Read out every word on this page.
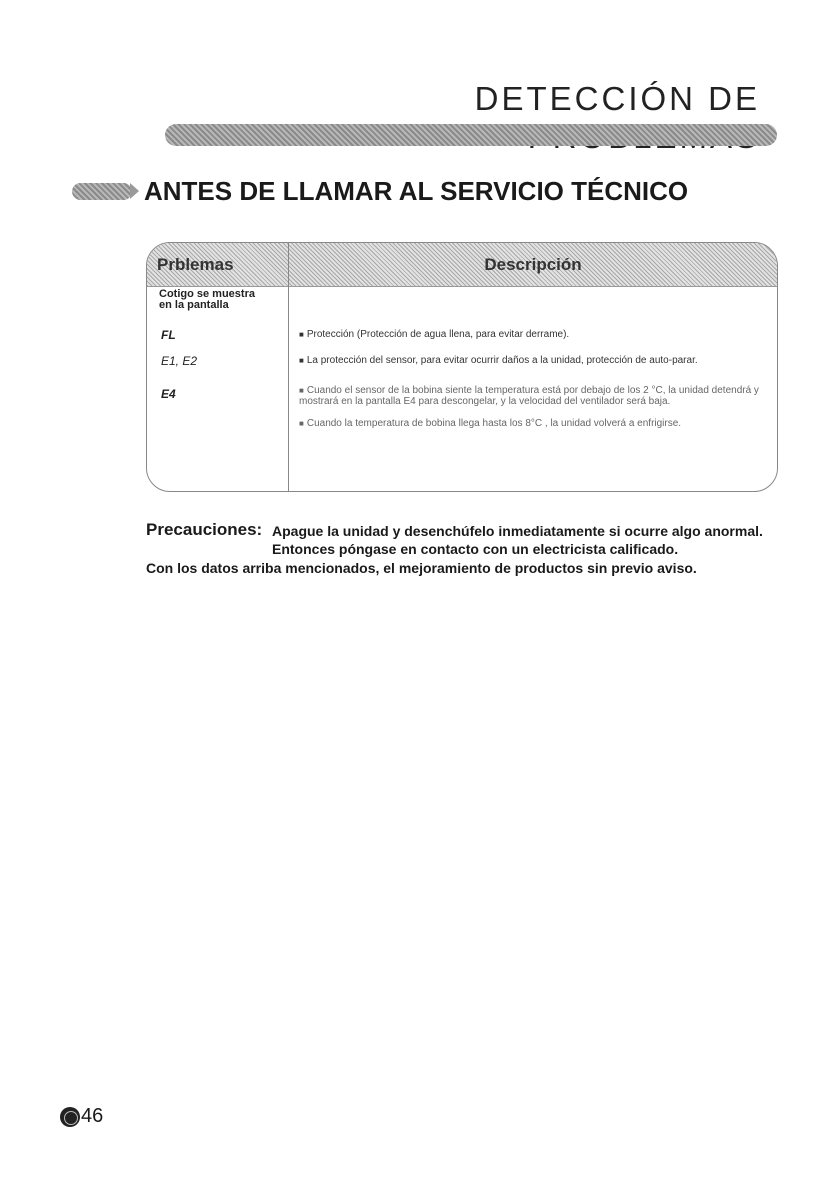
DETECCIÓN DE
ANTES DE LLAMAR AL SERVICIO TÉCNICO
Prblemas	Descripción
Cotigo se muestra
en la pantalla
FL	■ Protección (Protección de agua llena, para evitar derrame).
E1, E2	■ La protección del sensor, para evitar ocurrir daños a la unidad, protección de auto-parar.
E4	■ Cuando el sensor de la bobina siente la temperatura está por debajo de los 2 °C, la unidad detendrá y mostrará en la pantalla E4 para descongelar, y la velocidad del ventilador será baja.
■ Cuando la temperatura de bobina llega hasta los 8°C , la unidad volverá a enfrigirse.
Precauciones: Apague la unidad y desenchúfelo inmediatamente si ocurre algo anormal.
Entonces póngase en contacto con un electricista calificado.
Con los datos arriba mencionados, el mejoramiento de productos sin previo aviso.
46
